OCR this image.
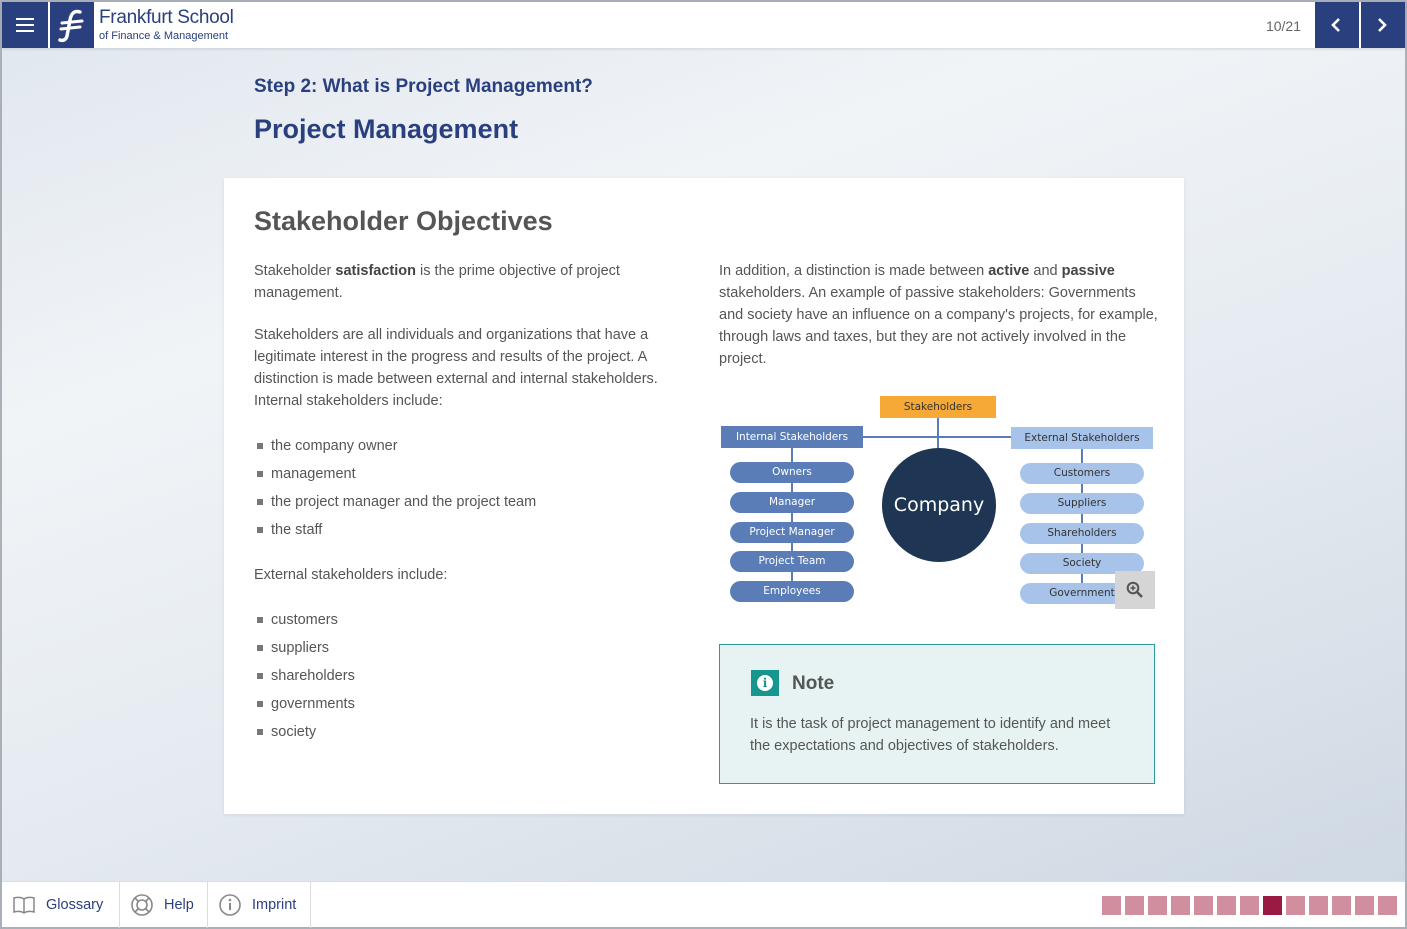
Frankfurt School
of Finance & Management
10/21
Step 2: What is Project Management?
Project Management
Stakeholder Objectives

Stakeholder satisfaction is the prime objective of project management.

Stakeholders are all individuals and organizations that have a legitimate interest in the progress and results of the project. A distinction is made between external and internal stakeholders. Internal stakeholders include:

the company owner
management
the project manager and the project team
the staff

External stakeholders include:

customers
suppliers
shareholders
governments
society

In addition, a distinction is made between active and passive stakeholders. An example of passive stakeholders: Governments and society have an influence on a company's projects, for example, through laws and taxes, but they are not actively involved in the project.

Stakeholders
Internal Stakeholders	External Stakeholders
Company
Owners
Manager
Project Manager
Project Team
Employees
Customers
Suppliers
Shareholders
Society
Government
i	Note
It is the task of project management to identify and meet the expectations and objectives of stakeholders.
Glossary	Help	Imprint
